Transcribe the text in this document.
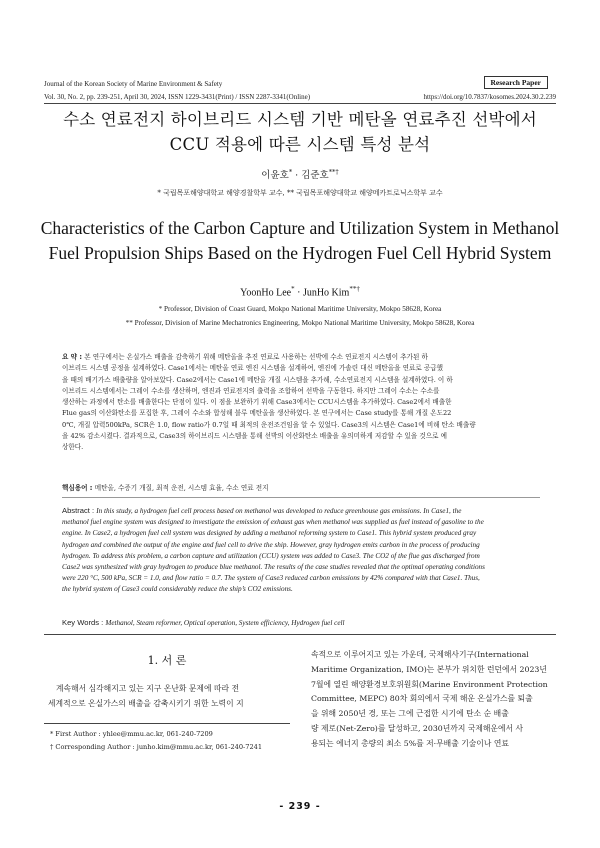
Journal of the Korean Society of Marine Environment & Safety	Research Paper
Vol. 30, No. 2, pp. 239-251, April 30, 2024, ISSN 1229-3431(Print) / ISSN 2287-3341(Online)	https://doi.org/10.7837/kosomes.2024.30.2.239
수소 연료전지 하이브리드 시스템 기반 메탄올 연료추진 선박에서
CCU 적용에 따른 시스템 특성 분석
이윤호* · 김준호**†
* 국립목포해양대학교 해양경찰학부 교수, ** 국립목포해양대학교 해양메카트로닉스학부 교수
Characteristics of the Carbon Capture and Utilization System in Methanol
Fuel Propulsion Ships Based on the Hydrogen Fuel Cell Hybrid System
YoonHo Lee* · JunHo Kim**†
* Professor, Division of Coast Guard, Mokpo National Maritime University, Mokpo 58628, Korea
** Professor, Division of Marine Mechatronics Engineering, Mokpo National Maritime University, Mokpo 58628, Korea
요 약 : 본 연구에서는 온실가스 배출을 감축하기 위해 메탄올을 추진 연료로 사용하는 선박에 수소 연료전지 시스템이 추가된 하
이브리드 시스템 공정을 설계하였다. Case1에서는 메탄올 연료 엔진 시스템을 설계하여, 엔진에 가솔린 대신 메탄올을 연료로 공급했
을 때의 배기가스 배출량을 알아보았다. Case2에서는 Case1에 메탄올 개질 시스템을 추가해, 수소연료전지 시스템을 설계하였다. 이 하
이브리드 시스템에서는 그레이 수소를 생산하며, 엔진과 연료전지의 출력을 조합하여 선박을 구동한다. 하지만 그레이 수소는 수소를
생산하는 과정에서 탄소를 배출한다는 단점이 있다. 이 점을 보완하기 위해 Case3에서는 CCU시스템을 추가하였다. Case2에서 배출한
Flue gas의 이산화탄소를 포집한 후, 그레이 수소와 합성해 블루 메탄올을 생산하였다. 본 연구에서는 Case study를 통해 개질 온도22
0℃, 개질 압력500kPa, SCR은 1.0, flow ratio가 0.7일 때 최적의 운전조건임을 알 수 있었다. Case3의 시스템은 Case1에 비해 탄소 배출량
을 42% 감소시켰다. 결과적으로, Case3의 하이브리드 시스템을 통해 선박의 이산화탄소 배출을 유의미하게 저감할 수 있을 것으로 예
상한다.
핵심용어 : 메탄올, 수증기 개질, 최적 운전, 시스템 효율, 수소 연료 전지
Abstract : In this study, a hydrogen fuel cell process based on methanol was developed to reduce greenhouse gas emissions. In Case1, the
methanol fuel engine system was designed to investigate the emission of exhaust gas when methanol was supplied as fuel instead of gasoline to the
engine. In Case2, a hydrogen fuel cell system was designed by adding a methanol reforming system to Case1. This hybrid system produced gray
hydrogen and combined the output of the engine and fuel cell to drive the ship. However, gray hydrogen emits carbon in the process of producing
hydrogen. To address this problem, a carbon capture and utilization (CCU) system was added to Case3. The CO2 of the flue gas discharged from
Case2 was synthesized with gray hydrogen to produce blue methanol. The results of the case studies revealed that the optimal operating conditions
were 220 °C, 500 kPa, SCR = 1.0, and flow ratio = 0.7. The system of Case3 reduced carbon emissions by 42% compared with that Case1. Thus,
the hybrid system of Case3 could considerably reduce the ship’s CO2 emissions.
Key Words : Methanol, Steam reformer, Optical operation, System efficiency, Hydrogen fuel cell
1. 서 론
계속해서 심각해지고 있는 지구 온난화 문제에 따라 전
세계적으로 온실가스의 배출을 감축시키기 위한 노력이 지
* First Author : yhlee@mmu.ac.kr, 061-240-7209
† Corresponding Author : junho.kim@mmu.ac.kr, 061-240-7241
속적으로 이루어지고 있는 가운데, 국제해사기구(International
Maritime Organization, IMO)는 본부가 위치한 런던에서 2023년
7월에 열린 해양환경보호위원회(Marine Environment Protection
Committee, MEPC) 80차 회의에서 국제 해운 온실가스를 퇴출
을 위해 2050년 경, 또는 그에 근접한 시기에 탄소 순 배출
량 제로(Net-Zero)를 달성하고, 2030년까지 국제해운에서 사
용되는 에너지 총량의 최소 5%를 저·무배출 기술이나 연료
- 239 -
